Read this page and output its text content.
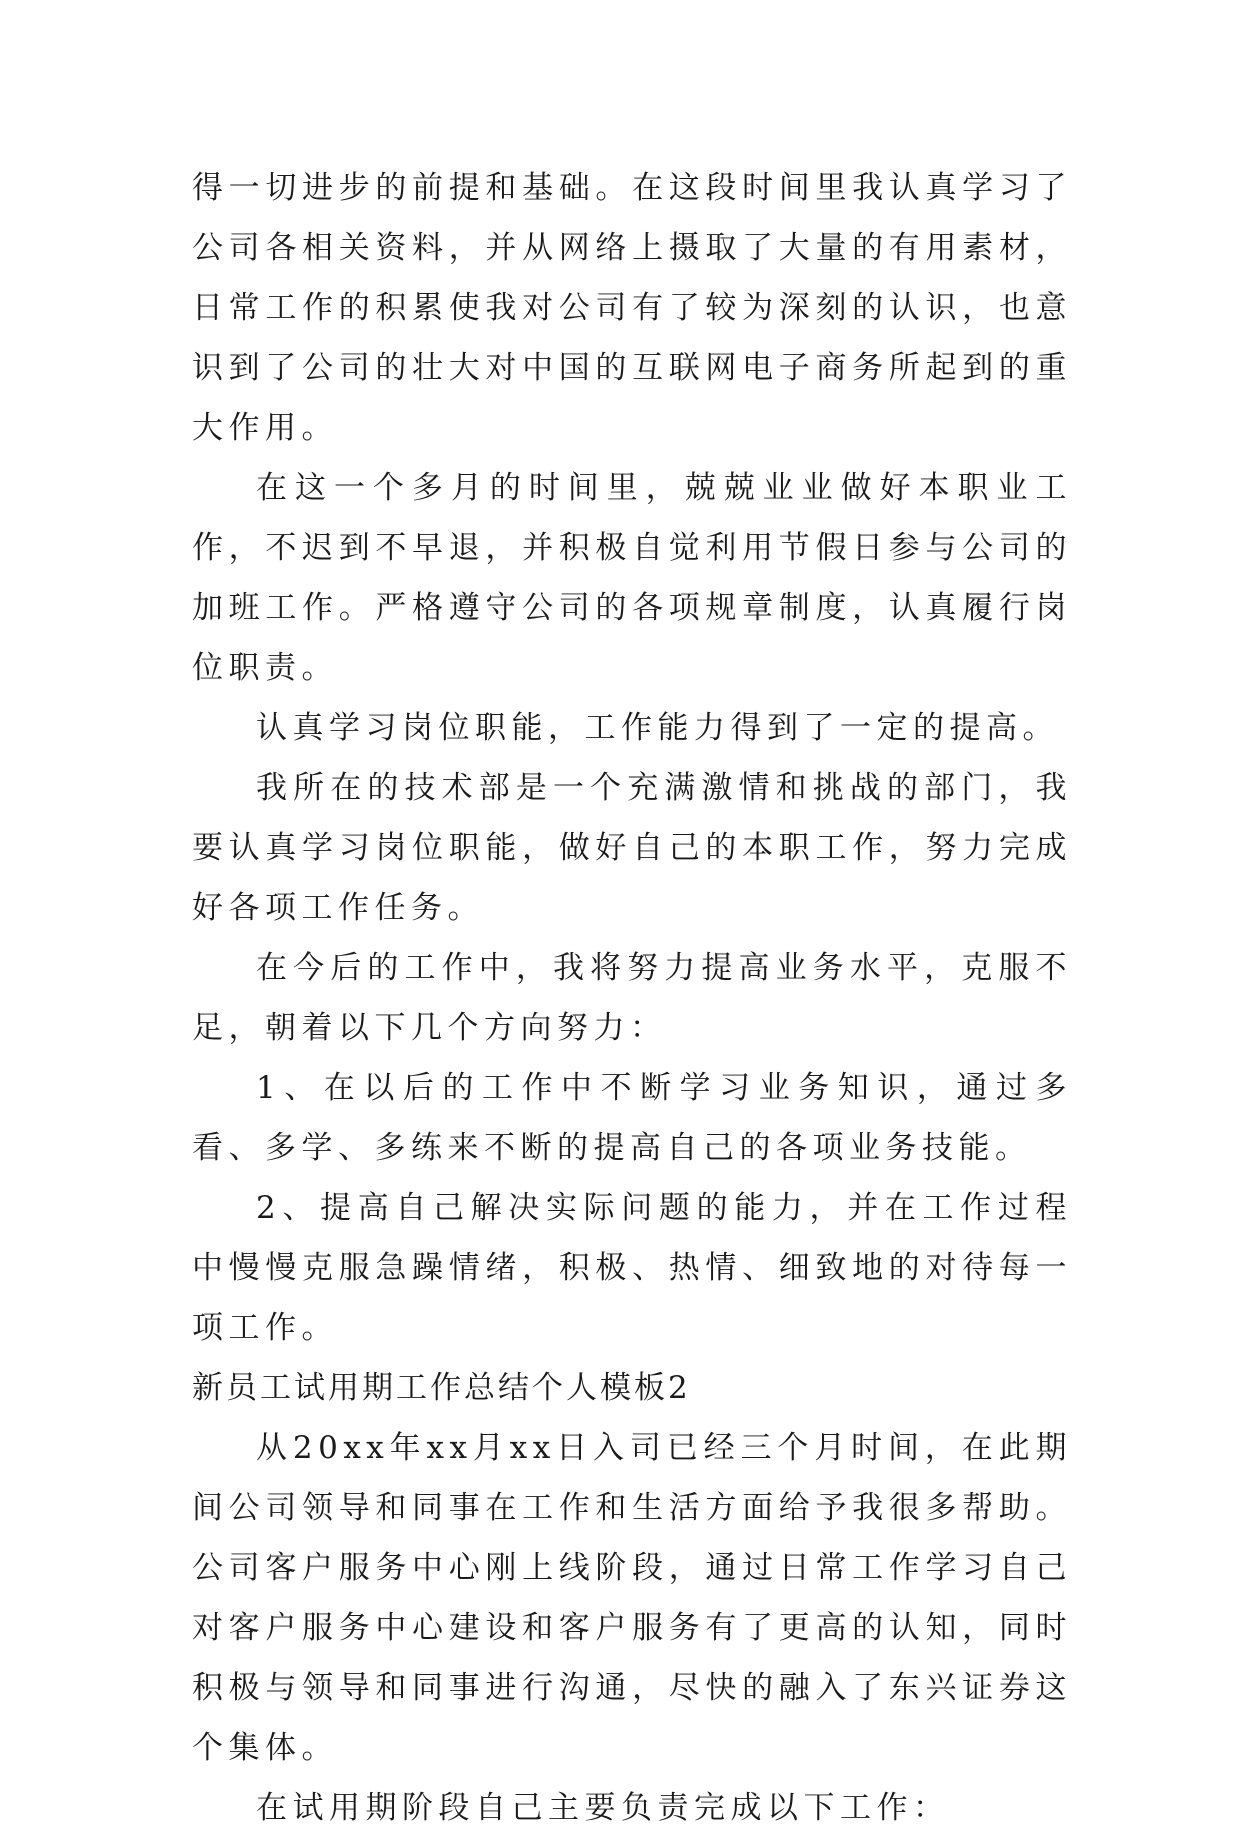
得一切进步的前提和基础。在这段时间里我认真学习了公司各相关资料，并从网络上摄取了大量的有用素材，日常工作的积累使我对公司有了较为深刻的认识，也意识到了公司的壮大对中国的互联网电子商务所起到的重大作用。

在这一个多月的时间里，兢兢业业做好本职业工作，不迟到不早退，并积极自觉利用节假日参与公司的加班工作。严格遵守公司的各项规章制度，认真履行岗位职责。

认真学习岗位职能，工作能力得到了一定的提高。

我所在的技术部是一个充满激情和挑战的部门，我要认真学习岗位职能，做好自己的本职工作，努力完成好各项工作任务。

在今后的工作中，我将努力提高业务水平，克服不足，朝着以下几个方向努力：

1、在以后的工作中不断学习业务知识，通过多看、多学、多练来不断的提高自己的各项业务技能。

2、提高自己解决实际问题的能力，并在工作过程中慢慢克服急躁情绪，积极、热情、细致地的对待每一项工作。

新员工试用期工作总结个人模板2

从20xx年xx月xx日入司已经三个月时间，在此期间公司领导和同事在工作和生活方面给予我很多帮助。公司客户服务中心刚上线阶段，通过日常工作学习自己对客户服务中心建设和客户服务有了更高的认知，同时积极与领导和同事进行沟通，尽快的融入了东兴证券这个集体。

在试用期阶段自己主要负责完成以下工作：
